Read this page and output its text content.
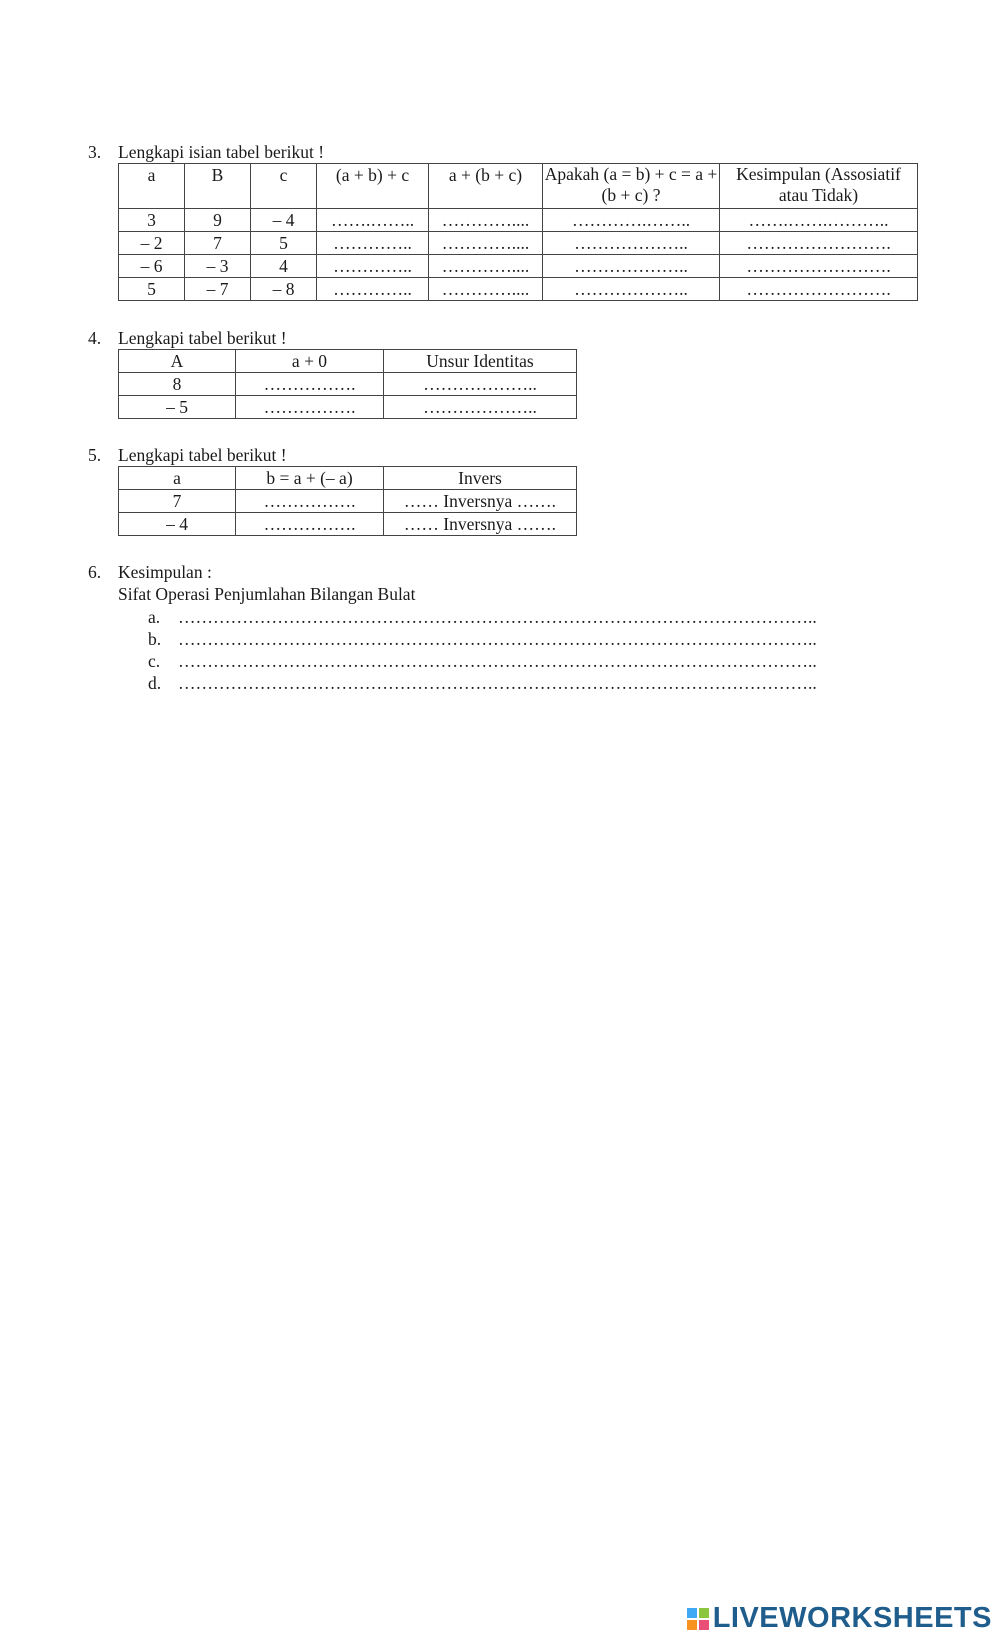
3. Lengkapi isian tabel berikut !
a	B	c	(a + b) + c	a + (b + c)	Apakah (a = b) + c = a + (b + c) ?	Kesimpulan (Assosiatif atau Tidak)
3	9	– 4	…….……..	…………....	………….……..	…….…….………..
– 2	7	5	…………..	…………....	………………..	…………………….
– 6	– 3	4	…………..	…………....	………………..	…………………….
5	– 7	– 8	…………..	…………....	………………..	…………………….
4. Lengkapi tabel berikut !
A	a + 0	Unsur Identitas
8	…………….	………………..
– 5	…………….	………………..
5. Lengkapi tabel berikut !
a	b = a + (– a)	Invers
7	…………….	…… Inversnya …….
– 4	…………….	…… Inversnya …….
6. Kesimpulan :
Sifat Operasi Penjumlahan Bilangan Bulat
a. ………………………………………………………………………………………………..
b. ………………………………………………………………………………………………..
c. ………………………………………………………………………………………………..
d. ………………………………………………………………………………………………..
LIVEWORKSHEETS
